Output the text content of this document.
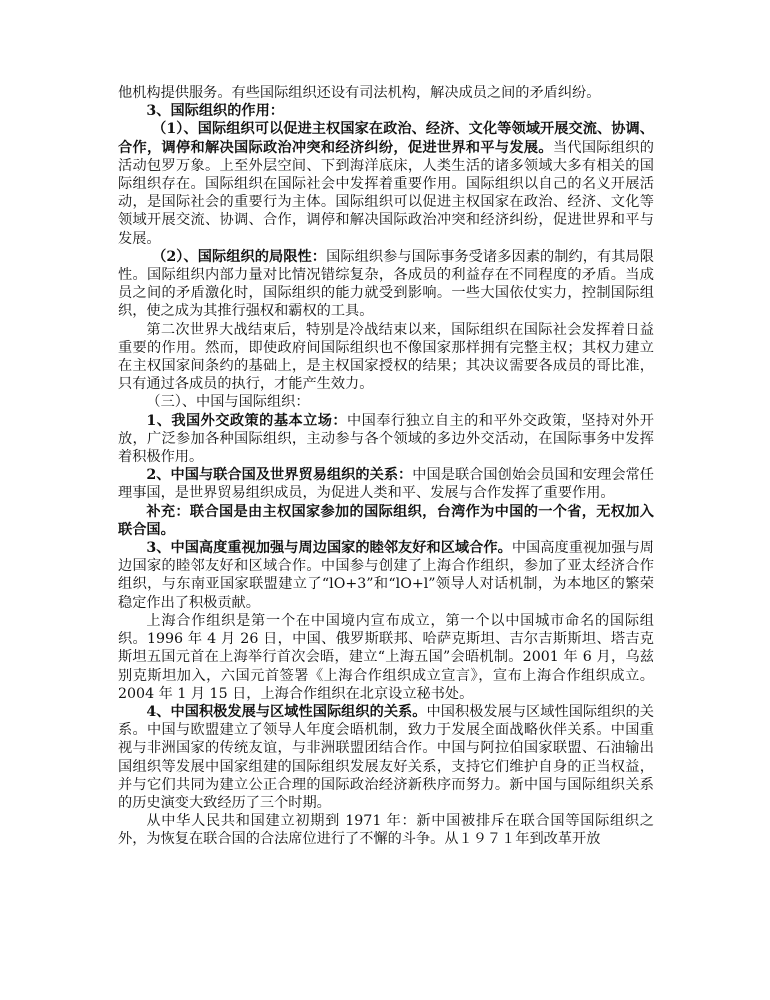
他机构提供服务。有些国际组织还设有司法机构，解决成员之间的矛盾纠纷。

3、国际组织的作用：

（1）、国际组织可以促进主权国家在政治、经济、文化等领域开展交流、协调、合作，调停和解决国际政治冲突和经济纠纷，促进世界和平与发展。当代国际组织的活动包罗万象。上至外层空间、下到海洋底床，人类生活的诸多领域大多有相关的国际组织存在。国际组织在国际社会中发挥着重要作用。国际组织以自己的名义开展活动，是国际社会的重要行为主体。国际组织可以促进主权国家在政治、经济、文化等领域开展交流、协调、合作，调停和解决国际政治冲突和经济纠纷，促进世界和平与发展。

（2）、国际组织的局限性：国际组织参与国际事务受诸多因素的制约，有其局限性。国际组织内部力量对比情况错综复杂，各成员的利益存在不同程度的矛盾。当成员之间的矛盾激化时，国际组织的能力就受到影响。一些大国依仗实力，控制国际组织，使之成为其推行强权和霸权的工具。

第二次世界大战结束后，特别是冷战结束以来，国际组织在国际社会发挥着日益重要的作用。然而，即使政府间国际组织也不像国家那样拥有完整主权；其权力建立在主权国家间条约的基础上，是主权国家授权的结果；其决议需要各成员的哥比准，只有通过各成员的执行，才能产生效力。

（三）、中国与国际组织：

1、我国外交政策的基本立场：中国奉行独立自主的和平外交政策，坚持对外开放，广泛参加各种国际组织，主动参与各个领域的多边外交活动，在国际事务中发挥着积极作用。

2、中国与联合国及世界贸易组织的关系：中国是联合国创始会员国和安理会常任理事国，是世界贸易组织成员，为促进人类和平、发展与合作发挥了重要作用。

补充：联合国是由主权国家参加的国际组织，台湾作为中国的一个省，无权加入联合国。

3、中国高度重视加强与周边国家的睦邻友好和区域合作。中国高度重视加强与周边国家的睦邻友好和区域合作。中国参与创建了上海合作组织，参加了亚太经济合作组织，与东南亚国家联盟建立了“lO+3”和“lO+l”领导人对话机制，为本地区的繁荣稳定作出了积极贡献。

上海合作组织是第一个在中国境内宣布成立，第一个以中国城市命名的国际组织。1996 年 4 月 26 日，中国、俄罗斯联邦、哈萨克斯坦、吉尔吉斯斯坦、塔吉克斯坦五国元首在上海举行首次会晤，建立“上海五国”会晤机制。2001 年 6 月，乌兹别克斯坦加入，六国元首签署《上海合作组织成立宣言》，宣布上海合作组织成立。2004 年 1 月 15 日，上海合作组织在北京设立秘书处。

4、中国积极发展与区域性国际组织的关系。中国积极发展与区域性国际组织的关系。中国与欧盟建立了领导人年度会晤机制，致力于发展全面战略伙伴关系。中国重视与非洲国家的传统友谊，与非洲联盟团结合作。中国与阿拉伯国家联盟、石油输出国组织等发展中国家组建的国际组织发展友好关系，支持它们维护自身的正当权益，并与它们共同为建立公正合理的国际政治经济新秩序而努力。新中国与国际组织关系的历史演变大致经历了三个时期。

从中华人民共和国建立初期到 1971 年：新中国被排斥在联合国等国际组织之外，为恢复在联合国的合法席位进行了不懈的斗争。从１９７１年到改革开放
